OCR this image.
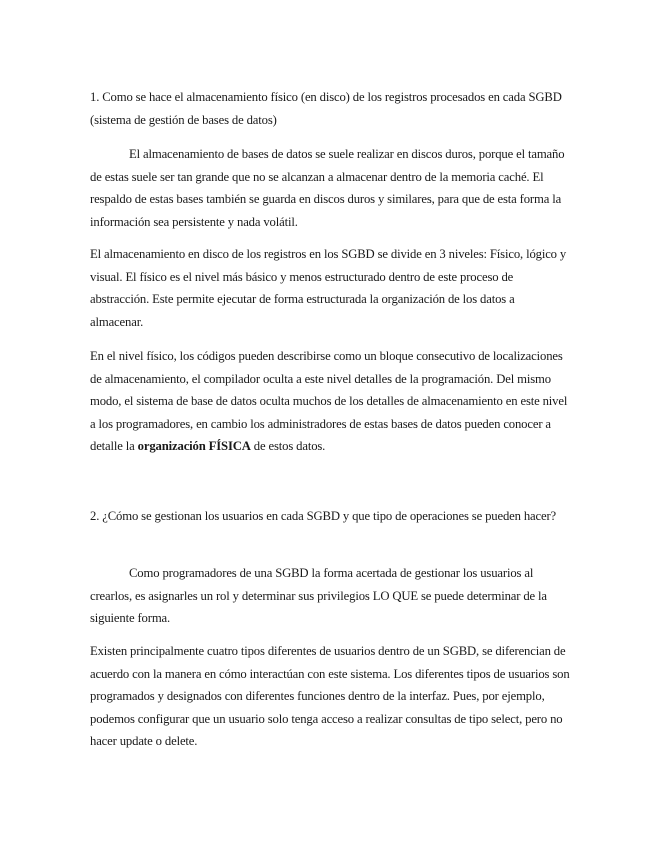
1. Como se hace el almacenamiento físico (en disco) de los registros procesados en cada SGBD (sistema de gestión de bases de datos)

El almacenamiento de bases de datos se suele realizar en discos duros, porque el tamaño de estas suele ser tan grande que no se alcanzan a almacenar dentro de la memoria caché. El respaldo de estas bases también se guarda en discos duros y similares, para que de esta forma la información sea persistente y nada volátil.

El almacenamiento en disco de los registros en los SGBD se divide en 3 niveles: Físico, lógico y visual. El físico es el nivel más básico y menos estructurado dentro de este proceso de abstracción. Este permite ejecutar de forma estructurada la organización de los datos a almacenar.

En el nivel físico, los códigos pueden describirse como un bloque consecutivo de localizaciones de almacenamiento, el compilador oculta a este nivel detalles de la programación. Del mismo modo, el sistema de base de datos oculta muchos de los detalles de almacenamiento en este nivel a los programadores, en cambio los administradores de estas bases de datos pueden conocer a detalle la organización FÍSICA de estos datos.

2. ¿Cómo se gestionan los usuarios en cada SGBD y que tipo de operaciones se pueden hacer?

Como programadores de una SGBD la forma acertada de gestionar los usuarios al crearlos, es asignarles un rol y determinar sus privilegios LO QUE se puede determinar de la siguiente forma.

Existen principalmente cuatro tipos diferentes de usuarios dentro de un SGBD, se diferencian de acuerdo con la manera en cómo interactúan con este sistema. Los diferentes tipos de usuarios son programados y designados con diferentes funciones dentro de la interfaz. Pues, por ejemplo, podemos configurar que un usuario solo tenga acceso a realizar consultas de tipo select, pero no hacer update o delete.
